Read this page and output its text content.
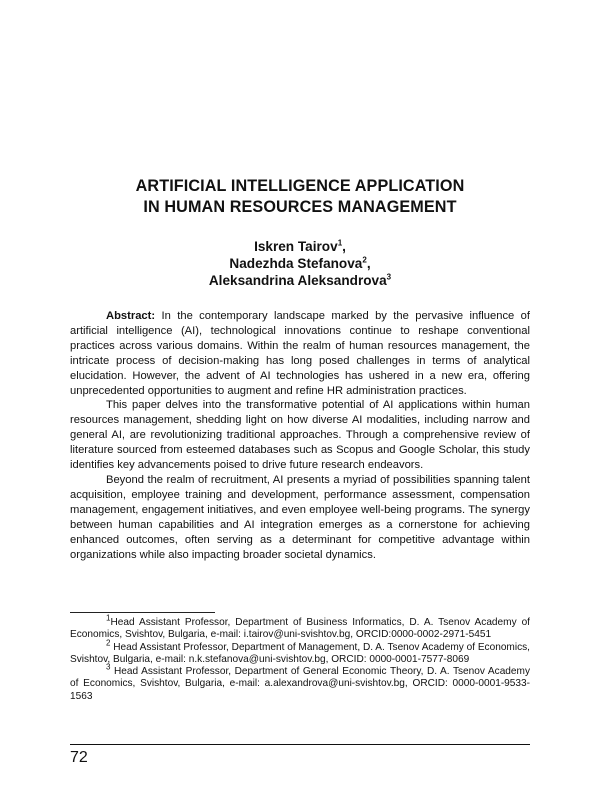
ARTIFICIAL INTELLIGENCE APPLICATION
IN HUMAN RESOURCES MANAGEMENT
Iskren Tairov$^1$,
Nadezhda Stefanova$^2$,
Aleksandrina Aleksandrova$^3$

Abstract: In the contemporary landscape marked by the pervasive influence of artificial intelligence (AI), technological innovations continue to reshape conventional practices across various domains. Within the realm of human resources management, the intricate process of decision-making has long posed challenges in terms of analytical elucidation. However, the advent of AI technologies has ushered in a new era, offering unprecedented opportunities to augment and refine HR administration practices.

This paper delves into the transformative potential of AI applications within human resources management, shedding light on how diverse AI modalities, including narrow and general AI, are revolutionizing traditional approaches. Through a comprehensive review of literature sourced from esteemed databases such as Scopus and Google Scholar, this study identifies key advancements poised to drive future research endeavors.

Beyond the realm of recruitment, AI presents a myriad of possibilities spanning talent acquisition, employee training and development, performance assessment, compensation management, engagement initiatives, and even employee well-being programs. The synergy between human capabilities and AI integration emerges as a cornerstone for achieving enhanced outcomes, often serving as a determinant for competitive advantage within organizations while also impacting broader societal dynamics.

$^1$Head Assistant Professor, Department of Business Informatics, D. A. Tsenov Academy of Economics, Svishtov, Bulgaria, e-mail: i.tairov@uni-svishtov.bg, ORCID:0000-0002-2971-5451

$^2$ Head Assistant Professor, Department of Management, D. A. Tsenov Academy of Economics, Svishtov, Bulgaria, e-mail: n.k.stefanova@uni-svishtov.bg, ORCID: 0000-0001-7577-8069

$^3$ Head Assistant Professor, Department of General Economic Theory, D. A. Tsenov Academy of Economics, Svishtov, Bulgaria, e-mail: a.alexandrova@uni-svishtov.bg, ORCID: 0000-0001-9533-1563

72
